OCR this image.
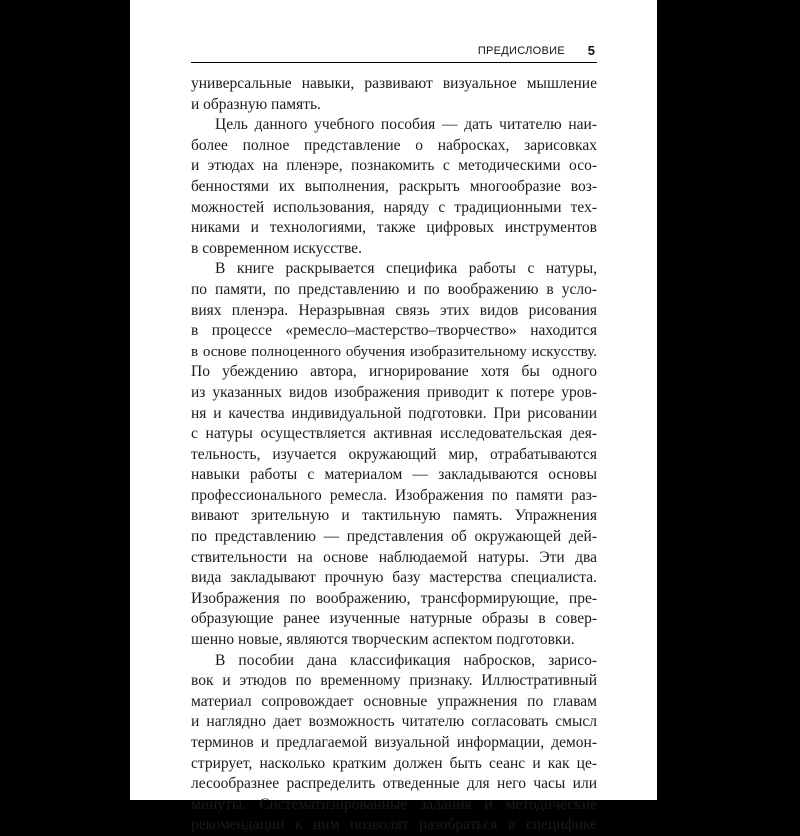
ПРЕДИСЛОВИЕ 5
универсальные навыки, развивают визуальное мышление
и образную память.
Цель данного учебного пособия — дать читателю наи-
более полное представление о набросках, зарисовках
и этюдах на пленэре, познакомить с методическими осо-
бенностями их выполнения, раскрыть многообразие воз-
можностей использования, наряду с традиционными тех-
никами и технологиями, также цифровых инструментов
в современном искусстве.
В книге раскрывается специфика работы с натуры,
по памяти, по представлению и по воображению в усло-
виях пленэра. Неразрывная связь этих видов рисования
в процессе «ремесло–мастерство–творчество» находится
в основе полноценного обучения изобразительному искусству.
По убеждению автора, игнорирование хотя бы одного
из указанных видов изображения приводит к потере уров-
ня и качества индивидуальной подготовки. При рисовании
с натуры осуществляется активная исследовательская дея-
тельность, изучается окружающий мир, отрабатываются
навыки работы с материалом — закладываются основы
профессионального ремесла. Изображения по памяти раз-
вивают зрительную и тактильную память. Упражнения
по представлению — представления об окружающей дей-
ствительности на основе наблюдаемой натуры. Эти два
вида закладывают прочную базу мастерства специалиста.
Изображения по воображению, трансформирующие, пре-
образующие ранее изученные натурные образы в совер-
шенно новые, являются творческим аспектом подготовки.
В пособии дана классификация набросков, зарисо-
вок и этюдов по временному признаку. Иллюстративный
материал сопровождает основные упражнения по главам
и наглядно дает возможность читателю согласовать смысл
терминов и предлагаемой визуальной информации, демон-
стрирует, насколько кратким должен быть сеанс и как це-
лесообразнее распределить отведенные для него часы или
минуты. Систематизированные задания и методические
рекомендации к ним позволят разобраться в специфике
